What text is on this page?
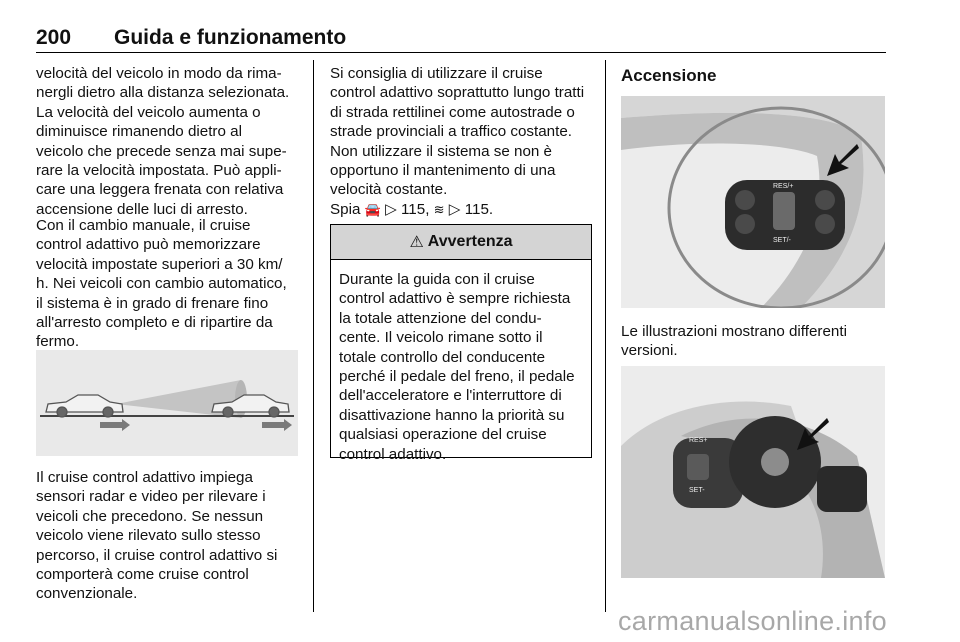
200 Guida e funzionamento

velocità del veicolo in modo da rima-

nergli dietro alla distanza selezionata.

La velocità del veicolo aumenta o

diminuisce rimanendo dietro al

veicolo che precede senza mai supe-

rare la velocità impostata. Può appli-

care una leggera frenata con relativa

accensione delle luci di arresto.

Con il cambio manuale, il cruise

control adattivo può memorizzare

velocità impostate superiori a 30 km/

h. Nei veicoli con cambio automatico,

il sistema è in grado di frenare fino

all'arresto completo e di ripartire da

fermo.

Il cruise control adattivo impiega

sensori radar e video per rilevare i

veicoli che precedono. Se nessun

veicolo viene rilevato sullo stesso

percorso, il cruise control adattivo si

comporterà come cruise control

convenzionale.

Si consiglia di utilizzare il cruise

control adattivo soprattutto lungo tratti

di strada rettilinei come autostrade o

strade provinciali a traffico costante.

Non utilizzare il sistema se non è

opportuno il mantenimento di una

velocità costante.

Spia 🚘 ▷ 115, ≋ ▷ 115.
⚠ Avvertenza
Durante la guida con il cruise
control adattivo è sempre richiesta
la totale attenzione del condu-
cente. Il veicolo rimane sotto il
totale controllo del conducente
perché il pedale del freno, il pedale
dell'acceleratore e l'interruttore di
disattivazione hanno la priorità su
qualsiasi operazione del cruise
control adattivo.
Accensione
RES/+
SET/-

Le illustrazioni mostrano differenti

versioni.

RES+
SET-
carmanualsonline.info
